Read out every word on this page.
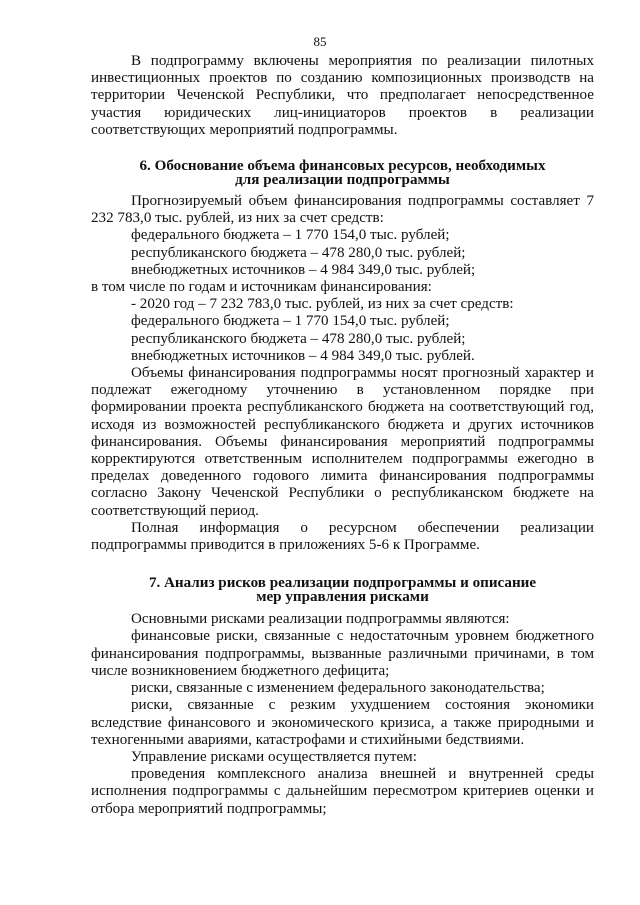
85

В подпрограмму включены мероприятия по реализации пилотных инвестиционных проектов по созданию композиционных производств на территории Чеченской Республики, что предполагает непосредственное участия юридических лиц-инициаторов проектов в реализации соответствующих мероприятий подпрограммы.

6. Обоснование объема финансовых ресурсов, необходимых
для реализации подпрограммы

Прогнозируемый объем финансирования подпрограммы составляет 7 232 783,0 тыс. рублей, из них за счет средств:

федерального бюджета – 1 770 154,0 тыс. рублей;

республиканского бюджета – 478 280,0 тыс. рублей;

внебюджетных источников – 4 984 349,0 тыс. рублей;

в том числе по годам и источникам финансирования:

- 2020 год – 7 232 783,0 тыс. рублей, из них за счет средств:

федерального бюджета – 1 770 154,0 тыс. рублей;

республиканского бюджета – 478 280,0 тыс. рублей;

внебюджетных источников – 4 984 349,0 тыс. рублей.

Объемы финансирования подпрограммы носят прогнозный характер и подлежат ежегодному уточнению в установленном порядке при формировании проекта республиканского бюджета на соответствующий год, исходя из возможностей республиканского бюджета и других источников финансирования. Объемы финансирования мероприятий подпрограммы корректируются ответственным исполнителем подпрограммы ежегодно в пределах доведенного годового лимита финансирования подпрограммы согласно Закону Чеченской Республики о республиканском бюджете на соответствующий период.

Полная информация о ресурсном обеспечении реализации подпрограммы приводится в приложениях 5-6 к Программе.

7. Анализ рисков реализации подпрограммы и описание
мер управления рисками

Основными рисками реализации подпрограммы являются:

финансовые риски, связанные с недостаточным уровнем бюджетного финансирования подпрограммы, вызванные различными причинами, в том числе возникновением бюджетного дефицита;

риски, связанные с изменением федерального законодательства;

риски, связанные с резким ухудшением состояния экономики вследствие финансового и экономического кризиса, а также природными и техногенными авариями, катастрофами и стихийными бедствиями.

Управление рисками осуществляется путем:

проведения комплексного анализа внешней и внутренней среды исполнения подпрограммы с дальнейшим пересмотром критериев оценки и отбора мероприятий подпрограммы;
